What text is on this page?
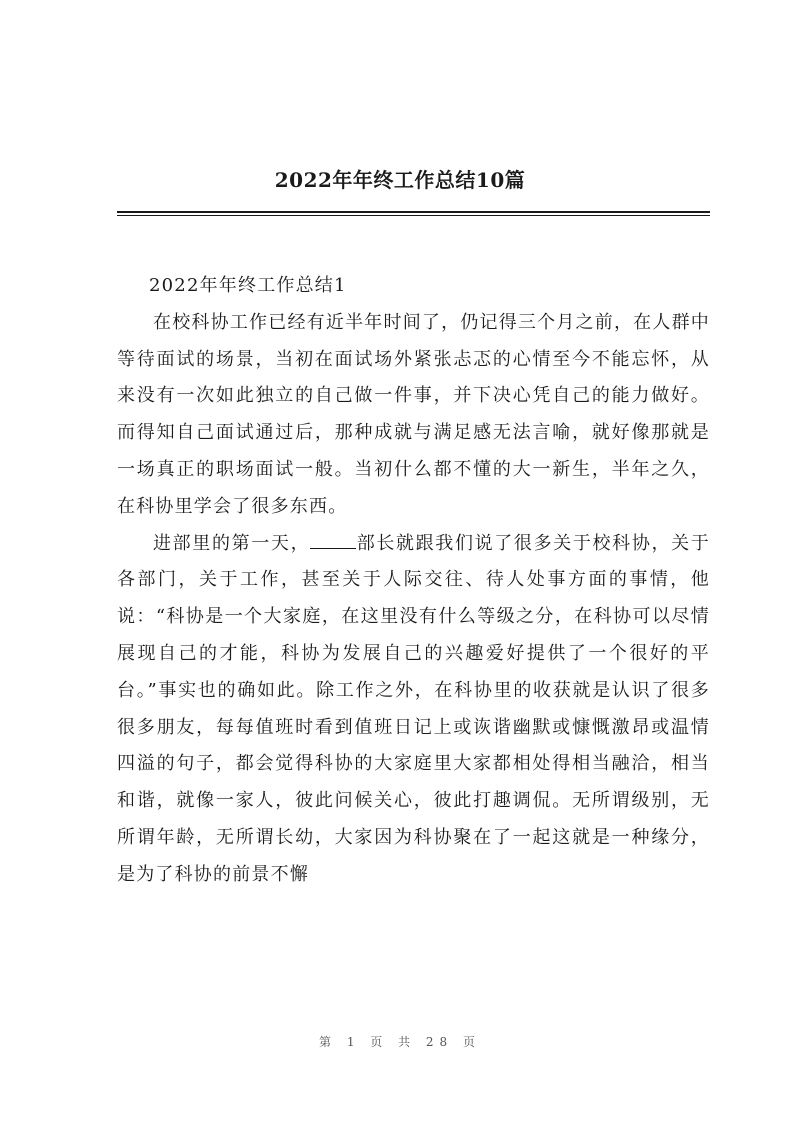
2022年年终工作总结10篇

2022年年终工作总结1

在校科协工作已经有近半年时间了，仍记得三个月之前，在人群中等待面试的场景，当初在面试场外紧张忐忑的心情至今不能忘怀，从来没有一次如此独立的自己做一件事，并下决心凭自己的能力做好。而得知自己面试通过后，那种成就与满足感无法言喻，就好像那就是一场真正的职场面试一般。当初什么都不懂的大一新生，半年之久，在科协里学会了很多东西。

进部里的第一天，	部长就跟我们说了很多关于校科协，关于各部门，关于工作，甚至关于人际交往、待人处事方面的事情，他说：“科协是一个大家庭，在这里没有什么等级之分，在科协可以尽情展现自己的才能，科协为发展自己的兴趣爱好提供了一个很好的平台。”事实也的确如此。除工作之外，在科协里的收获就是认识了很多很多朋友，每每值班时看到值班日记上或诙谐幽默或慷慨激昂或温情四溢的句子，都会觉得科协的大家庭里大家都相处得相当融洽，相当和谐，就像一家人，彼此问候关心，彼此打趣调侃。无所谓级别，无所谓年龄，无所谓长幼，大家因为科协聚在了一起这就是一种缘分，是为了科协的前景不懈

第 1 页 共 28 页
